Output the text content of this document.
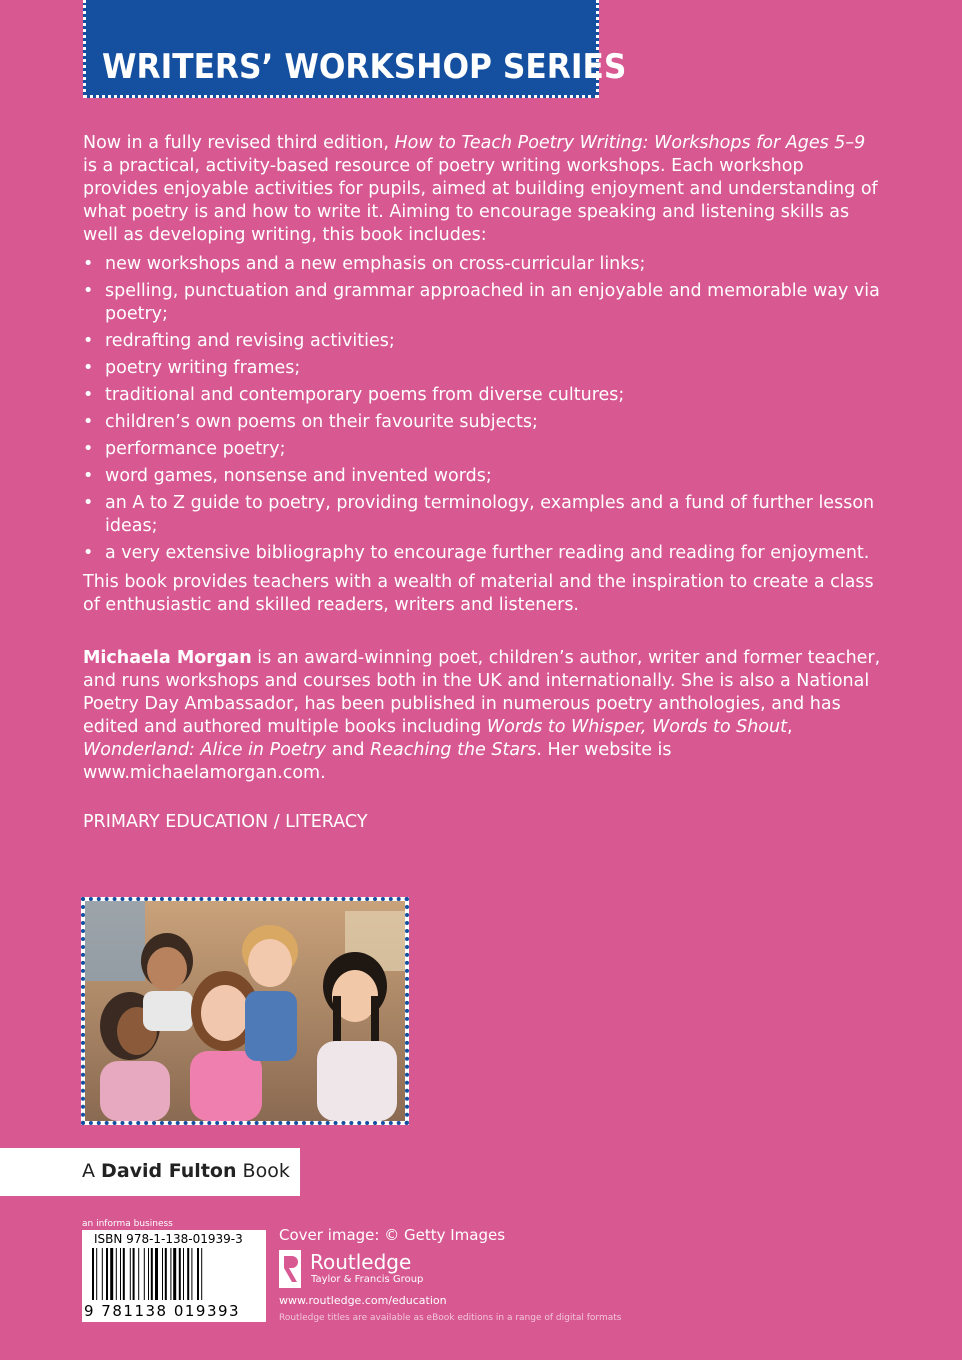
WRITERS’ WORKSHOP SERIES

Now in a fully revised third edition, How to Teach Poetry Writing: Workshops for Ages 5–9 is a practical, activity-based resource of poetry writing workshops. Each workshop provides enjoyable activities for pupils, aimed at building enjoyment and understanding of what poetry is and how to write it. Aiming to encourage speaking and listening skills as well as developing writing, this book includes:

• new workshops and a new emphasis on cross-curricular links;
• spelling, punctuation and grammar approached in an enjoyable and memorable way via poetry;
• redrafting and revising activities;
• poetry writing frames;
• traditional and contemporary poems from diverse cultures;
• children’s own poems on their favourite subjects;
• performance poetry;
• word games, nonsense and invented words;
• an A to Z guide to poetry, providing terminology, examples and a fund of further lesson ideas;
• a very extensive bibliography to encourage further reading and reading for enjoyment.

This book provides teachers with a wealth of material and the inspiration to create a class of enthusiastic and skilled readers, writers and listeners.

Michaela Morgan is an award-winning poet, children’s author, writer and former teacher, and runs workshops and courses both in the UK and internationally. She is also a National Poetry Day Ambassador, has been published in numerous poetry anthologies, and has edited and authored multiple books including Words to Whisper, Words to Shout, Wonderland: Alice in Poetry and Reaching the Stars. Her website is www.michaelamorgan.com.

PRIMARY EDUCATION / LITERACY

A David Fulton Book
an informa business
ISBN 978-1-138-01939-3
9 781138 019393
Cover image: © Getty Images
Routledge
Taylor & Francis Group
www.routledge.com/education
Routledge titles are available as eBook editions in a range of digital formats
